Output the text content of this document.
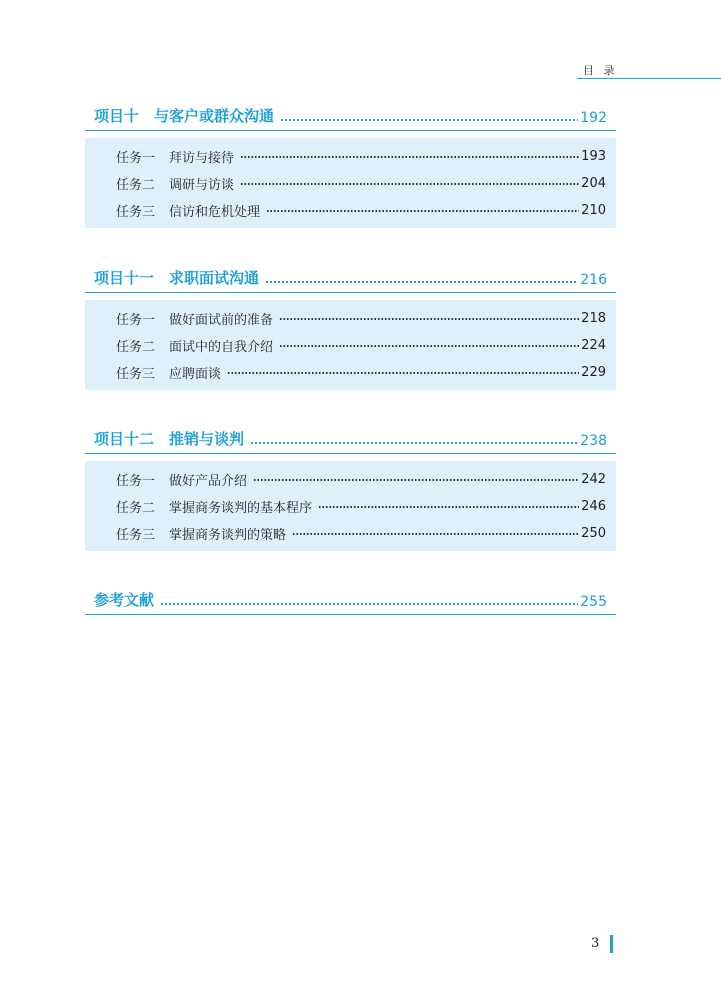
目 录
项目十 与客户或群众沟通	192
任务一 拜访与接待	193
任务二 调研与访谈	204
任务三 信访和危机处理	210
项目十一 求职面试沟通	216
任务一 做好面试前的准备	218
任务二 面试中的自我介绍	224
任务三 应聘面谈	229
项目十二 推销与谈判	238
任务一 做好产品介绍	242
任务二 掌握商务谈判的基本程序	246
任务三 掌握商务谈判的策略	250
参考文献	255
3
